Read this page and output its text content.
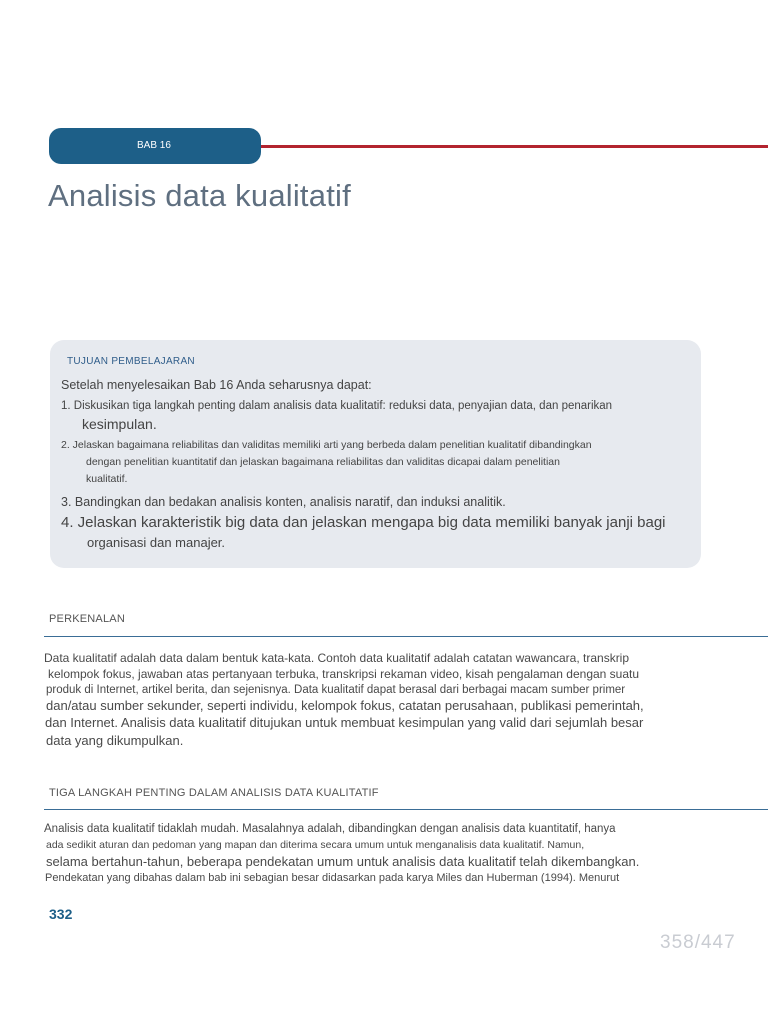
BAB 16
Analisis data kualitatif
TUJUAN PEMBELAJARAN
Setelah menyelesaikan Bab 16 Anda seharusnya dapat:
1. Diskusikan tiga langkah penting dalam analisis data kualitatif: reduksi data, penyajian data, dan penarikan
kesimpulan.
2. Jelaskan bagaimana reliabilitas dan validitas memiliki arti yang berbeda dalam penelitian kualitatif dibandingkan
dengan penelitian kuantitatif dan jelaskan bagaimana reliabilitas dan validitas dicapai dalam penelitian
kualitatif.
3. Bandingkan dan bedakan analisis konten, analisis naratif, dan induksi analitik.
4. Jelaskan karakteristik big data dan jelaskan mengapa big data memiliki banyak janji bagi
organisasi dan manajer.
PERKENALAN
Data kualitatif adalah data dalam bentuk kata-kata. Contoh data kualitatif adalah catatan wawancara, transkrip
kelompok fokus, jawaban atas pertanyaan terbuka, transkripsi rekaman video, kisah pengalaman dengan suatu
produk di Internet, artikel berita, dan sejenisnya. Data kualitatif dapat berasal dari berbagai macam sumber primer
dan/atau sumber sekunder, seperti individu, kelompok fokus, catatan perusahaan, publikasi pemerintah,
dan Internet. Analisis data kualitatif ditujukan untuk membuat kesimpulan yang valid dari sejumlah besar
data yang dikumpulkan.
TIGA LANGKAH PENTING DALAM ANALISIS DATA KUALITATIF
Analisis data kualitatif tidaklah mudah. Masalahnya adalah, dibandingkan dengan analisis data kuantitatif, hanya
ada sedikit aturan dan pedoman yang mapan dan diterima secara umum untuk menganalisis data kualitatif. Namun,
selama bertahun-tahun, beberapa pendekatan umum untuk analisis data kualitatif telah dikembangkan.
Pendekatan yang dibahas dalam bab ini sebagian besar didasarkan pada karya Miles dan Huberman (1994). Menurut
332
358/447
